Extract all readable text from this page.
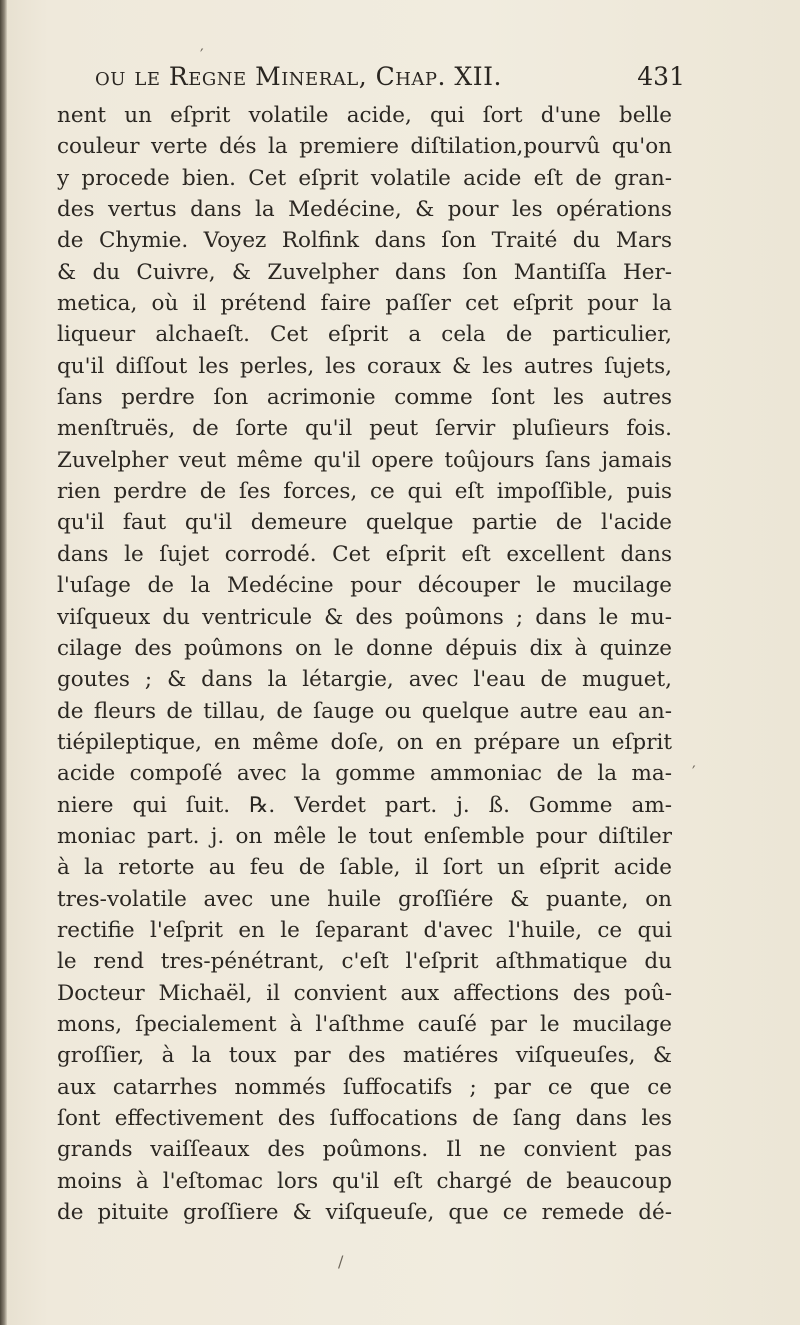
ou le Regne Mineral, Chap. XII.	431
nent un eſprit volatile acide, qui ſort d'une belle
couleur verte dés la premiere diſtilation,pourvû qu'on
y procede bien. Cet eſprit volatile acide eſt de gran-
des vertus dans la Medécine, & pour les opérations
de Chymie. Voyez Rolfink dans ſon Traité du Mars
& du Cuivre, & Zuvelpher dans ſon Mantiſſa Her-
metica, où il prétend faire paſſer cet eſprit pour la
liqueur alchaeſt. Cet eſprit a cela de particulier,
qu'il diſſout les perles, les coraux & les autres ſujets,
ſans perdre ſon acrimonie comme ſont les autres
menſtruës, de ſorte qu'il peut ſervir pluſieurs fois.
Zuvelpher veut même qu'il opere toûjours ſans jamais
rien perdre de ſes forces, ce qui eſt impoſſible, puis
qu'il faut qu'il demeure quelque partie de l'acide
dans le ſujet corrodé. Cet eſprit eſt excellent dans
l'uſage de la Medécine pour découper le mucilage
viſqueux du ventricule & des poûmons ; dans le mu-
cilage des poûmons on le donne dépuis dix à quinze
goutes ; & dans la létargie, avec l'eau de muguet,
de fleurs de tillau, de ſauge ou quelque autre eau an-
tiépileptique, en même doſe, on en prépare un eſprit
acide compoſé avec la gomme ammoniac de la ma-
niere qui ſuit. ℞. Verdet part. j. ß. Gomme am-
moniac part. j. on mêle le tout enſemble pour diſtiler
à la retorte au feu de ſable, il ſort un eſprit acide
tres-volatile avec une huile groſſiére & puante, on
rectifie l'eſprit en le ſeparant d'avec l'huile, ce qui
le rend tres-pénétrant, c'eſt l'eſprit aſthmatique du
Docteur Michaël, il convient aux affections des poû-
mons, ſpecialement à l'aſthme cauſé par le mucilage
groſſier, à la toux par des matiéres viſqueuſes, &
aux catarrhes nommés ſuffocatifs ; par ce que ce
ſont effectivement des ſuffocations de ſang dans les
grands vaiſſeaux des poûmons. Il ne convient pas
moins à l'eſtomac lors qu'il eſt chargé de beaucoup
de pituite groſſiere & viſqueuſe, que ce remede dé-
′
′
/
